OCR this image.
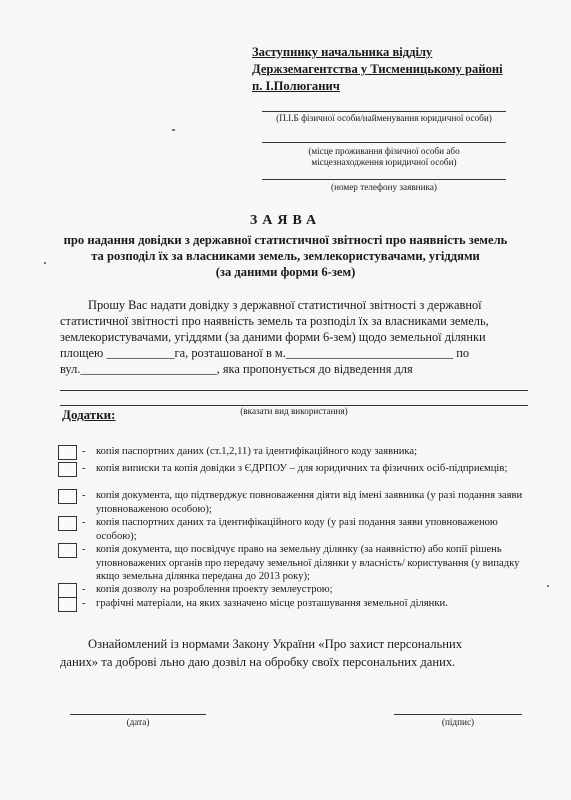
Заступнику начальника відділу
Держземагентства у Тисменицькому районі
п. І.Полюганич
(П.І.Б фізичної особи/найменування юридичної особи)
(місце проживання фізичної особи або
місцезнаходження юридичної особи)
(номер телефону заявника)
ЗАЯВА
про надання довідки з державної статистичної звітності про наявність земель
та розподіл їх за власниками земель, землекористувачами, угіддями
(за даними форми 6-зем)
Прошу Вас надати довідку з державної статистичної звітності з державної
статистичної звітності про наявність земель та розподіл їх за власниками земель,
землекористувачами, угіддями (за даними форми 6-зем) щодо земельної ділянки
площею ___________га, розташованої в м.___________________________ по
вул.______________________, яка пропонується до відведення для
(вказати вид використання)
Додатки:
- копія паспортних даних (ст.1,2,11) та ідентифікаційного коду заявника;
- копія виписки та копія довідки з ЄДРПОУ – для юридичних та фізичних осіб-підприємців;
- копія документа, що підтверджує повноваження діяти від імені заявника (у разі подання заяви уповноваженою особою);
- копія паспортних даних та ідентифікаційного коду (у разі подання заяви уповноваженою особою);
- копія документа, що посвідчує право на земельну ділянку (за наявністю) або копії рішень уповноважених органів про передачу земельної ділянки у власність/ користування (у випадку якщо земельна ділянка передана до 2013 року);
- копія дозволу на розроблення проекту землеустрою;
- графічні матеріали, на яких зазначено місце розташування земельної ділянки.
Ознайомлений із нормами Закону України «Про захист персональних
даних» та доброві льно даю дозвіл на обробку своїх персональних даних.
(дата)	(підпис)
